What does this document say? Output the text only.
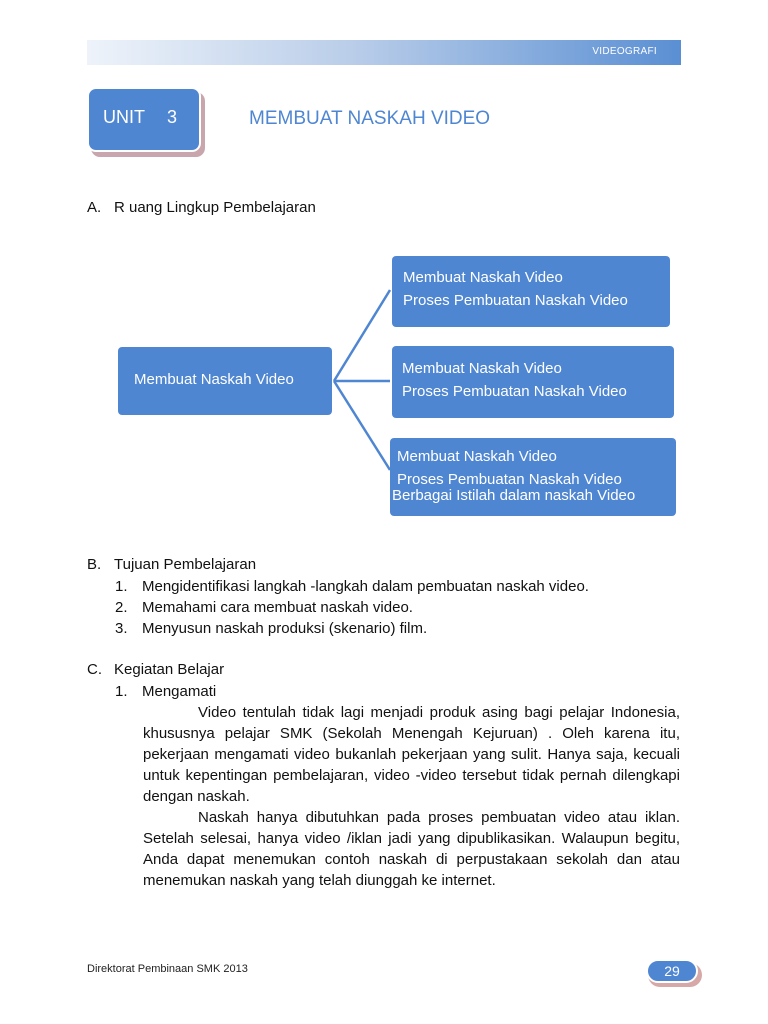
VIDEOGRAFI
UNIT 3	MEMBUAT NASKAH VIDEO
A. R uang Lingkup Pembelajaran
Membuat Naskah Video
Membuat Naskah Video
Proses Pembuatan Naskah Video
Membuat Naskah Video
Proses Pembuatan Naskah Video
Membuat Naskah Video
Proses Pembuatan Naskah Video
Berbagai Istilah dalam naskah Video
B. Tujuan Pembelajaran
1. Mengidentifikasi langkah -langkah dalam pembuatan naskah video.
2. Memahami cara membuat naskah video.
3. Menyusun naskah produksi (skenario) film.
C. Kegiatan Belajar
1. Mengamati

Video tentulah tidak lagi menjadi produk asing bagi pelajar Indonesia, khususnya pelajar SMK (Sekolah Menengah Kejuruan) . Oleh karena itu, pekerjaan mengamati video bukanlah pekerjaan yang sulit. Hanya saja, kecuali untuk kepentingan pembelajaran, video -video tersebut tidak pernah dilengkapi dengan naskah.

Naskah hanya dibutuhkan pada proses pembuatan video atau iklan. Setelah selesai, hanya video /iklan jadi yang dipublikasikan. Walaupun begitu, Anda dapat menemukan contoh naskah di perpustakaan sekolah dan atau menemukan naskah yang telah diunggah ke internet.

Direktorat Pembinaan SMK 2013	29
